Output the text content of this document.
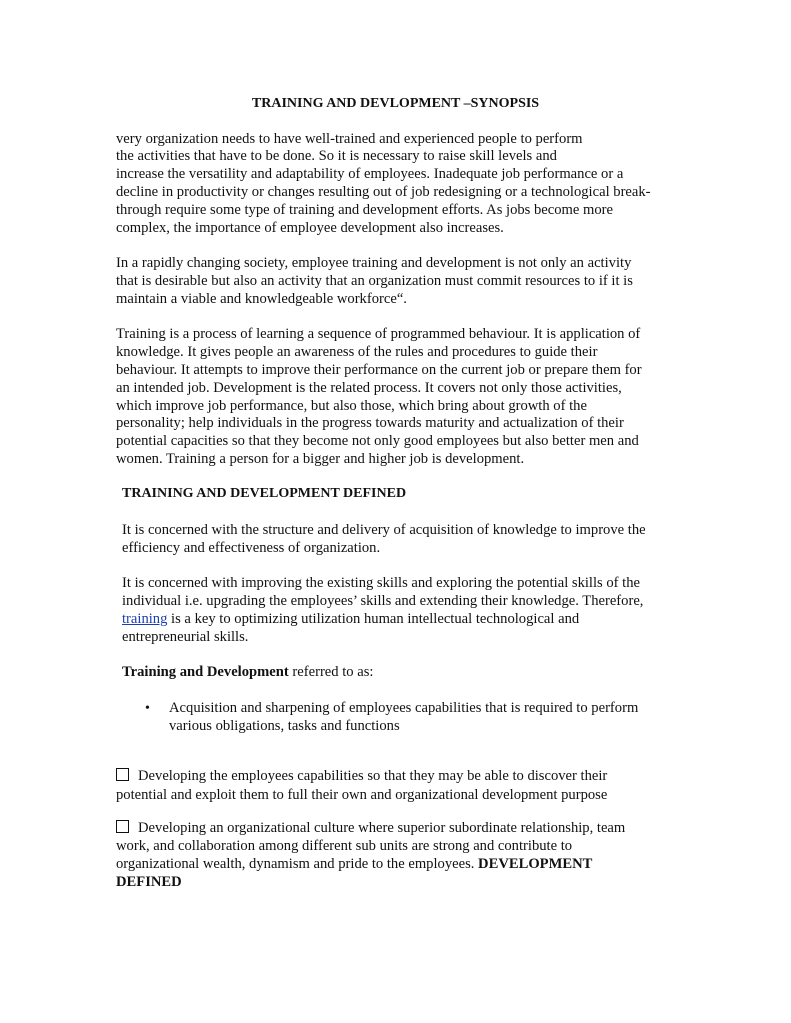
TRAINING AND DEVLOPMENT –SYNOPSIS
very organization needs to have well-trained and experienced people to perform
the activities that have to be done. So it is necessary to raise skill levels and
increase the versatility and adaptability of employees. Inadequate job performance or a
decline in productivity or changes resulting out of job redesigning or a technological break-
through require some type of training and development efforts. As jobs become more
complex, the importance of employee development also increases.
In a rapidly changing society, employee training and development is not only an activity
that is desirable but also an activity that an organization must commit resources to if it is
maintain a viable and knowledgeable workforce“.
Training is a process of learning a sequence of programmed behaviour. It is application of
knowledge. It gives people an awareness of the rules and procedures to guide their
behaviour. It attempts to improve their performance on the current job or prepare them for
an intended job. Development is the related process. It covers not only those activities,
which improve job performance, but also those, which bring about growth of the
personality; help individuals in the progress towards maturity and actualization of their
potential capacities so that they become not only good employees but also better men and
women. Training a person for a bigger and higher job is development.
TRAINING AND DEVELOPMENT DEFINED
It is concerned with the structure and delivery of acquisition of knowledge to improve the
efficiency and effectiveness of organization.
It is concerned with improving the existing skills and exploring the potential skills of the
individual i.e. upgrading the employees’ skills and extending their knowledge. Therefore,
training is a key to optimizing utilization human intellectual technological and
entrepreneurial skills.
Training and Development referred to as:
• Acquisition and sharpening of employees capabilities that is required to perform
various obligations, tasks and functions
Developing the employees capabilities so that they may be able to discover their
potential and exploit them to full their own and organizational development purpose
Developing an organizational culture where superior subordinate relationship, team
work, and collaboration among different sub units are strong and contribute to
organizational wealth, dynamism and pride to the employees. DEVELOPMENT
DEFINED
